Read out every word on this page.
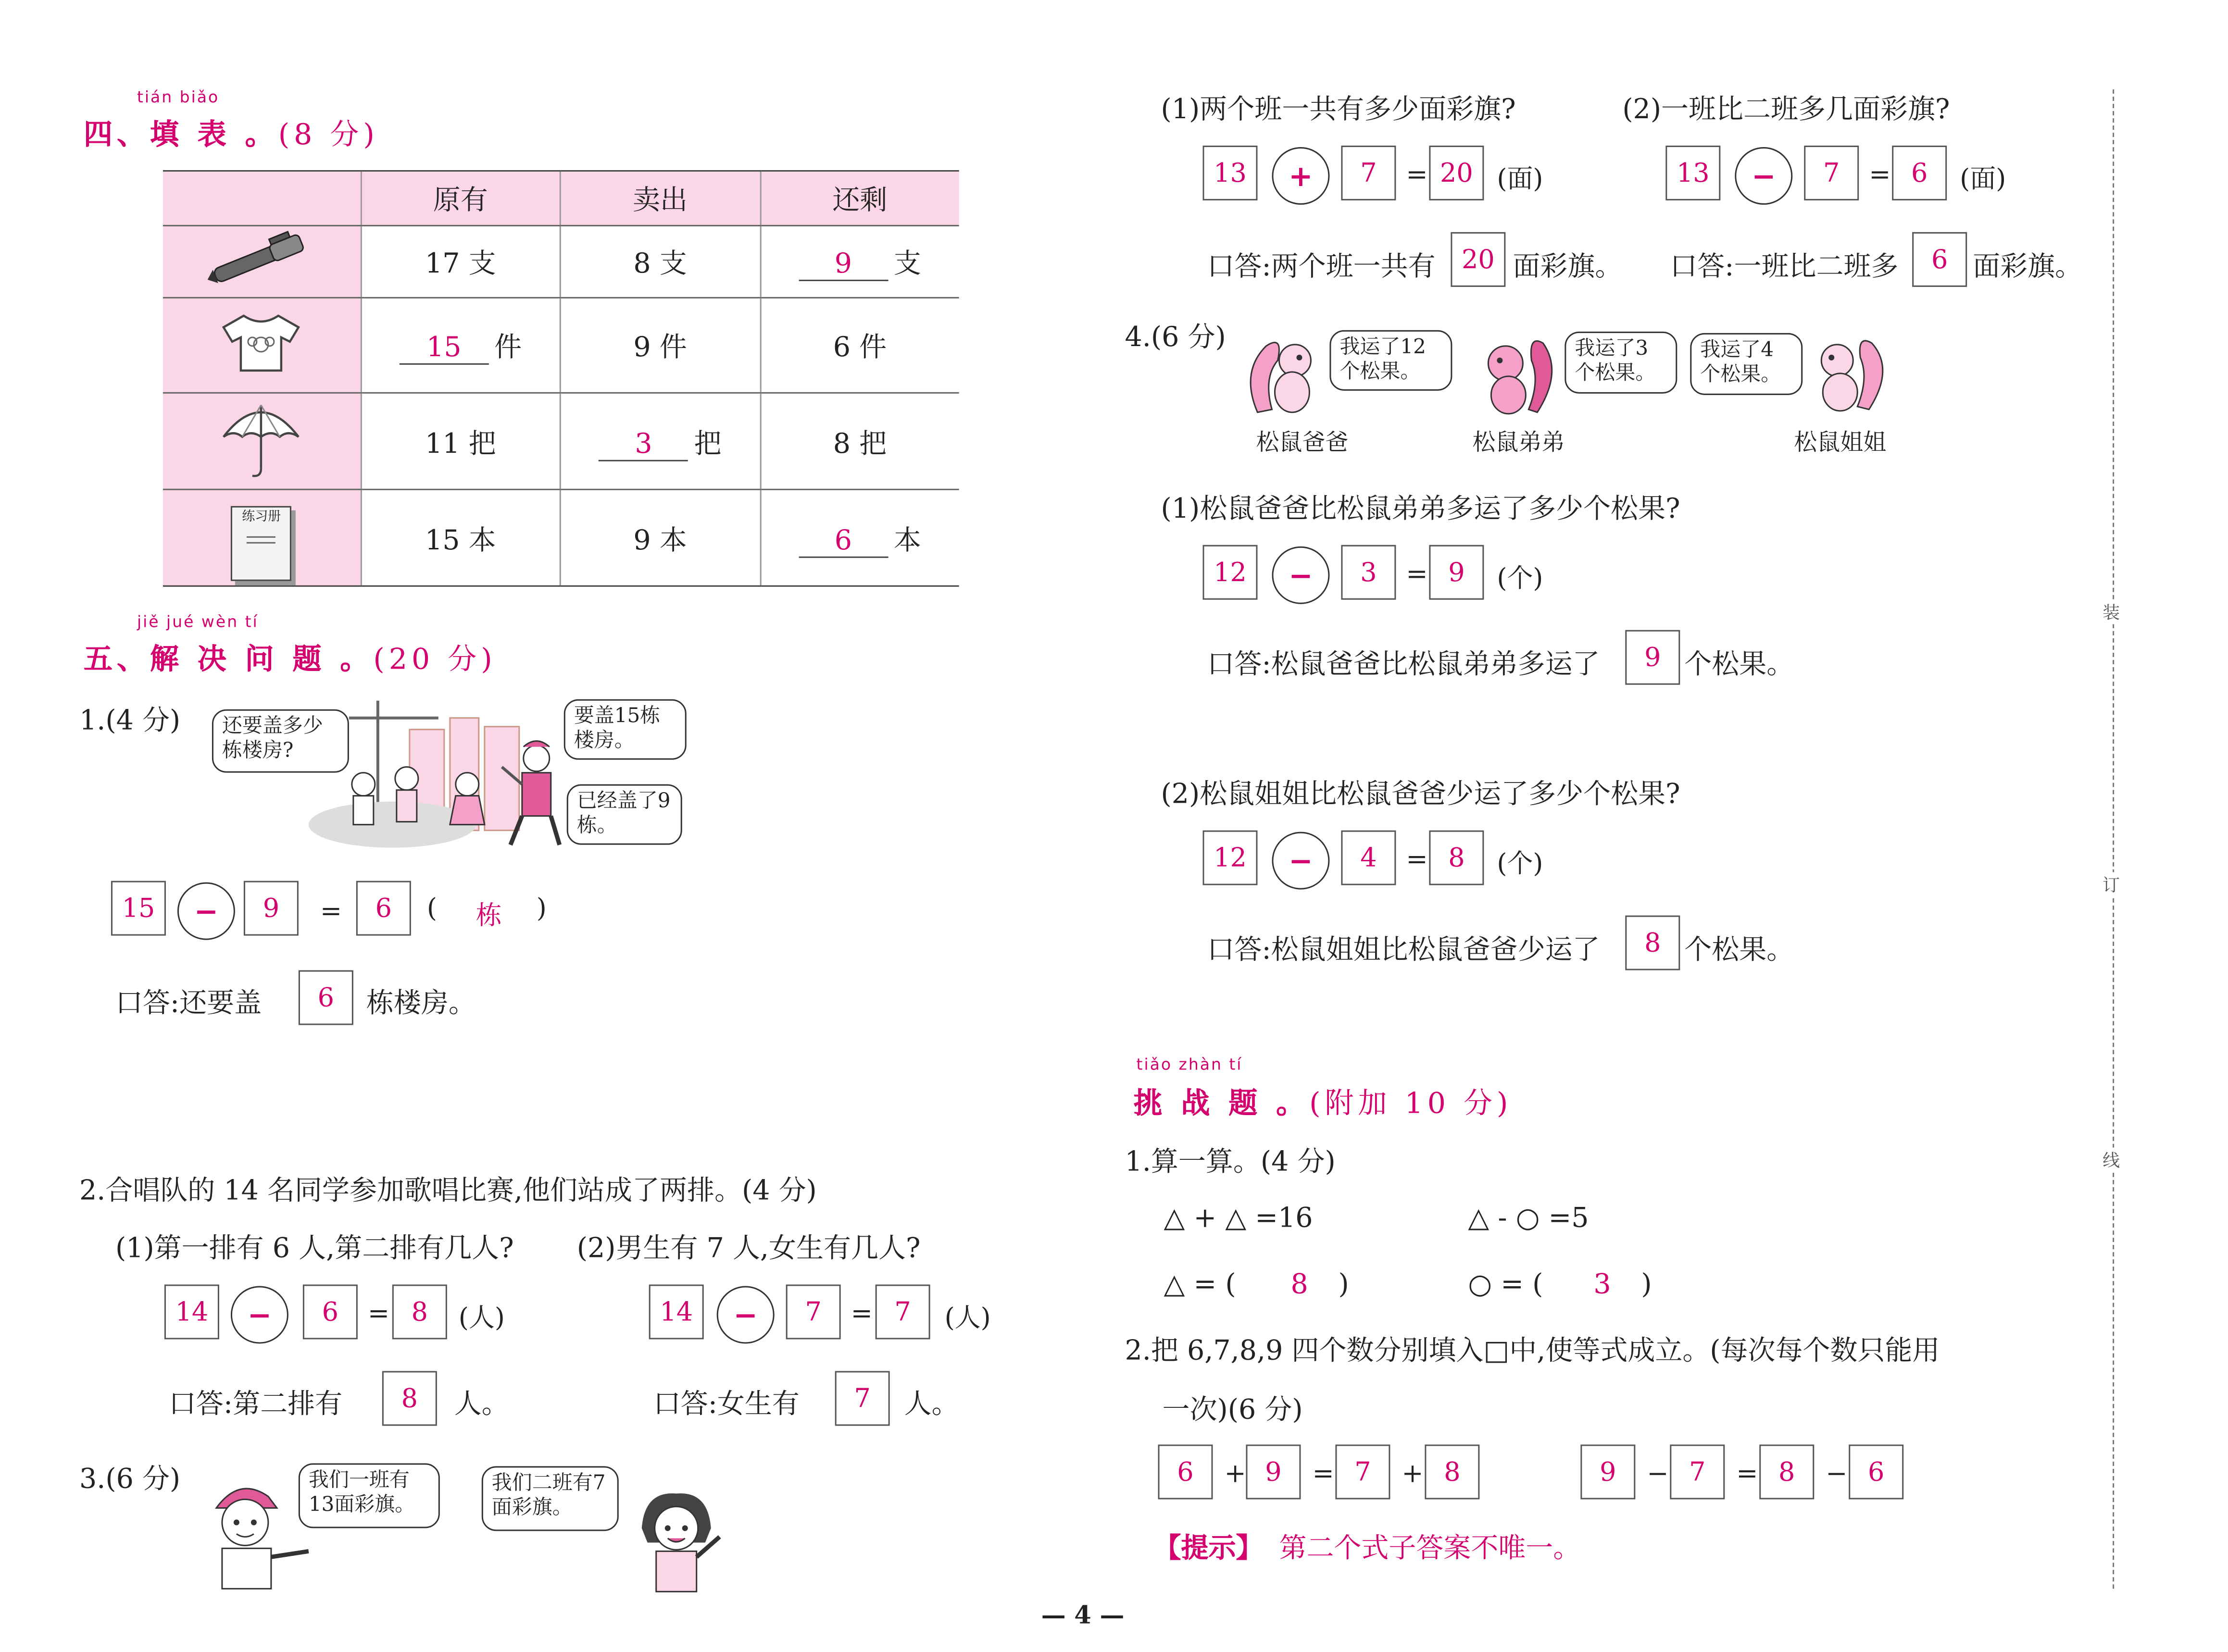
tián biǎo
四、填 表 。(8 分)
	原有	卖出	还剩
	17 支	8 支	9 支
	15 件	9 件	6 件
	11 把	3 把	8 把
练习册	15 本	9 本	6 本
jiě jué wèn tí
五、解 决 问 题 。(20 分)
1.(4 分)	还要盖多少栋楼房?
要盖15栋楼房。
已经盖了9栋。
15	−	9	=	6	(	栋	)
口答:还要盖	6	栋楼房。
2.合唱队的 14 名同学参加歌唱比赛,他们站成了两排。(4 分)
(1)第一排有 6 人,第二排有几人?	(2)男生有 7 人,女生有几人?
14	−	6	=	8	(人)	14	−	7	=	7	(人)
口答:第二排有	8	人。	口答:女生有	7	人。
3.(6 分)	我们一班有13面彩旗。
我们二班有7面彩旗。
(1)两个班一共有多少面彩旗?	(2)一班比二班多几面彩旗?
13	+	7	=	20	(面)	13	−	7	=	6	(面)
口答:两个班一共有	20	面彩旗。	口答:一班比二班多	6	面彩旗。
4.(6 分)	我运了12个松果。
我运了3个松果。
我运了4个松果。
松鼠爸爸	松鼠弟弟	松鼠姐姐
(1)松鼠爸爸比松鼠弟弟多运了多少个松果?
12	−	3	=	9	(个)
口答:松鼠爸爸比松鼠弟弟多运了	9	个松果。
(2)松鼠姐姐比松鼠爸爸少运了多少个松果?
12	−	4	=	8	(个)
口答:松鼠姐姐比松鼠爸爸少运了	8	个松果。
tiǎo zhàn tí
挑 战 题 。(附加 10 分)
1.算一算。(4 分)
△ + △ =16	△ - ○ =5
△ = (	8	)	○ = (	3	)
2.把 6,7,8,9 四个数分别填入□中,使等式成立。(每次每个数只能用
一次)(6 分)
6	+	9	=	7	+	8	9	−	7	=	8	−	6
【提示】 第二个式子答案不唯一。
装
订
线
— 4 —
